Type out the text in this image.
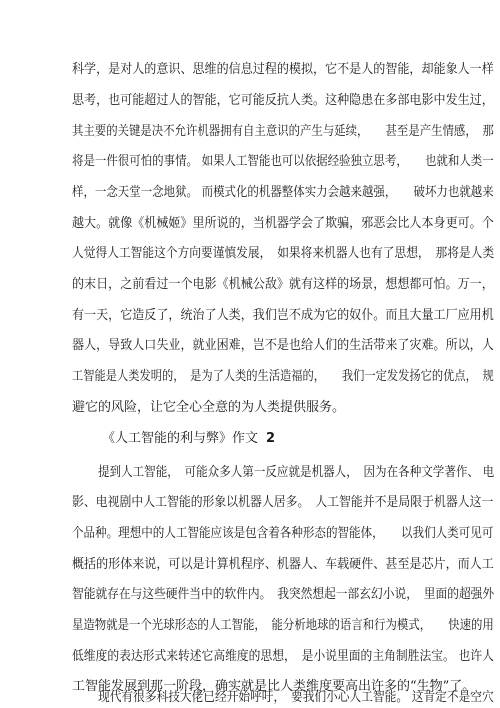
科学，是对人的意识、思维的信息过程的模拟，它不是人的智能，却能象人一样
思考，也可能超过人的智能，它可能反抗人类。这种隐患在多部电影中发生过，
其主要的关键是决不允许机器拥有自主意识的产生与延续，　　甚至是产生情感，　那
将是一件很可怕的事情。 如果人工智能也可以依据经验独立思考，　　也就和人类一
样，一念天堂一念地狱。 而模式化的机器整体实力会越来越强，　　破坏力也就越来
越大。就像《机械姬》里所说的，当机器学会了欺骗，邪恶会比人本身更可。个
人觉得人工智能这个方向要谨慎发展，　如果将来机器人也有了思想，　那将是人类
的末日，之前看过一个电影《机械公敌》就有这样的场景，想想都可怕。万一，
有一天，它造反了，统治了人类，我们岂不成为它的奴仆。而且大量工厂应用机
器人，导致人口失业，就业困难，岂不是也给人们的生活带来了灾难。所以，人
工智能是人类发明的，　是为了人类的生活造福的，　　我们一定发发扬它的优点，　规
避它的风险，让它全心全意的为人类提供服务。
《人工智能的利与弊》作文 2
提到人工智能，　可能众多人第一反应就是机器人，　因为在各种文学著作、 电
影、电视剧中人工智能的形象以机器人居多。　人工智能并不是局限于机器人这一
个品种。理想中的人工智能应该是包含着各种形态的智能体，　　以我们人类可见可
概括的形体来说，可以是计算机程序、机器人、车载硬件、甚至是芯片，而人工
智能就存在与这些硬件当中的软件内。　我突然想起一部玄幻小说，　里面的超强外
星造物就是一个光球形态的人工智能，　能分析地球的语言和行为模式，　　快速的用
低维度的表达形式来转述它高维度的思想，　是小说里面的主角制胜法宝。 也许人
工智能发展到那一阶段，确实就是比人类维度要高出许多的“生物”了。
现代有很多科技大佬已经开始呼吁，　要我们小心人工智能。 这肯定不是空穴
